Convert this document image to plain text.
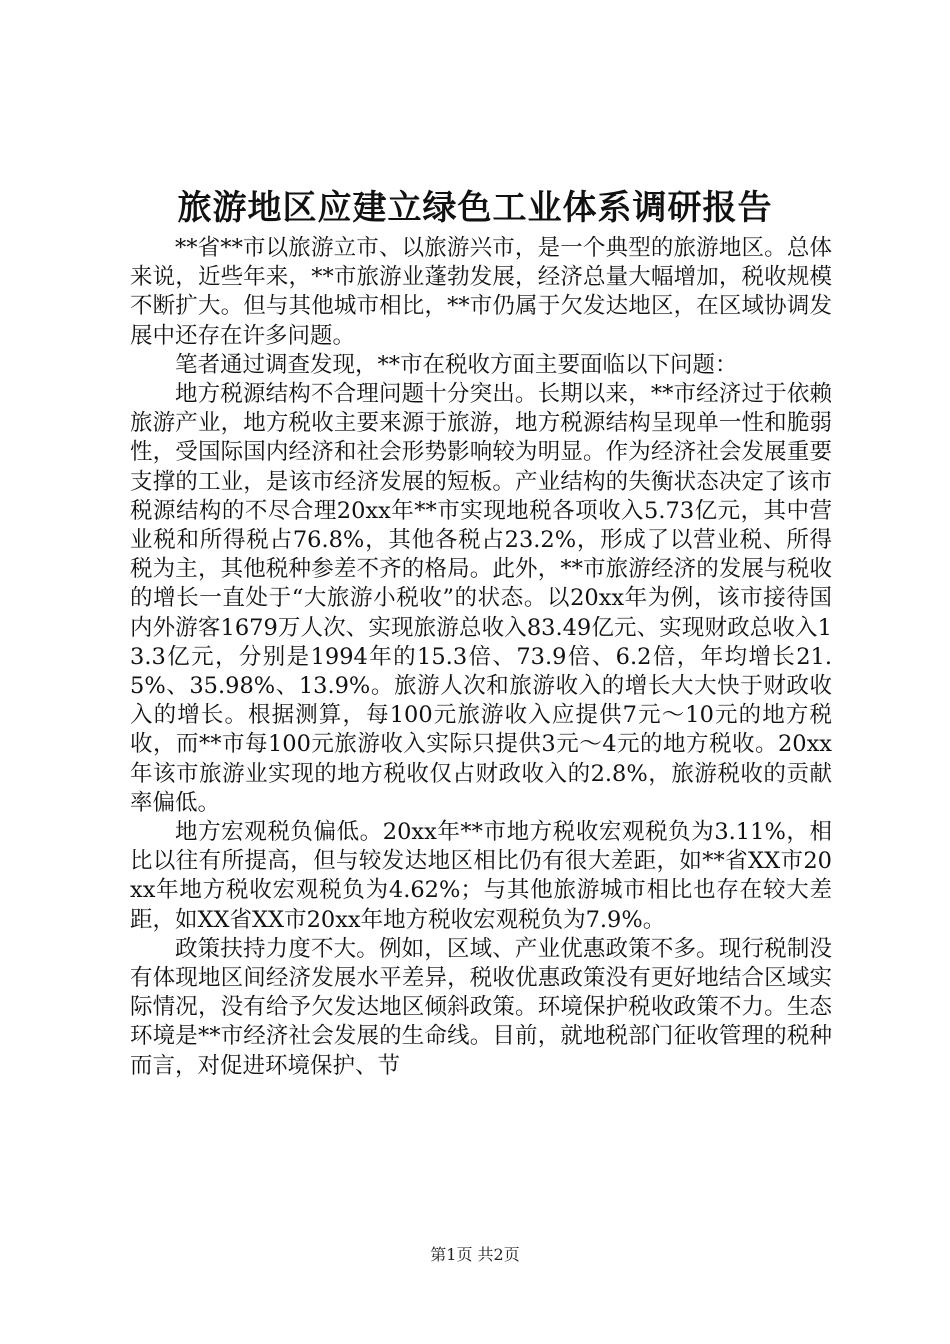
旅游地区应建立绿色工业体系调研报告

**省**市以旅游立市、以旅游兴市，是一个典型的旅游地区。总体来说，近些年来，**市旅游业蓬勃发展，经济总量大幅增加，税收规模不断扩大。但与其他城市相比，**市仍属于欠发达地区，在区域协调发展中还存在许多问题。

笔者通过调查发现，**市在税收方面主要面临以下问题：

地方税源结构不合理问题十分突出。长期以来，**市经济过于依赖旅游产业，地方税收主要来源于旅游，地方税源结构呈现单一性和脆弱性，受国际国内经济和社会形势影响较为明显。作为经济社会发展重要支撑的工业，是该市经济发展的短板。产业结构的失衡状态决定了该市税源结构的不尽合理20xx年**市实现地税各项收入5.73亿元，其中营业税和所得税占76.8%，其他各税占23.2%，形成了以营业税、所得税为主，其他税种参差不齐的格局。此外，**市旅游经济的发展与税收的增长一直处于“大旅游小税收”的状态。以20xx年为例，该市接待国内外游客1679万人次、实现旅游总收入83.49亿元、实现财政总收入13.3亿元，分别是1994年的15.3倍、73.9倍、6.2倍，年均增长21.5%、35.98%、13.9%。旅游人次和旅游收入的增长大大快于财政收入的增长。根据测算，每100元旅游收入应提供7元～10元的地方税收，而**市每100元旅游收入实际只提供3元～4元的地方税收。20xx年该市旅游业实现的地方税收仅占财政收入的2.8%，旅游税收的贡献率偏低。

地方宏观税负偏低。20xx年**市地方税收宏观税负为3.11%，相比以往有所提高，但与较发达地区相比仍有很大差距，如**省XX市20xx年地方税收宏观税负为4.62%；与其他旅游城市相比也存在较大差距，如XX省XX市20xx年地方税收宏观税负为7.9%。

政策扶持力度不大。例如，区域、产业优惠政策不多。现行税制没有体现地区间经济发展水平差异，税收优惠政策没有更好地结合区域实际情况，没有给予欠发达地区倾斜政策。环境保护税收政策不力。生态环境是**市经济社会发展的生命线。目前，就地税部门征收管理的税种而言，对促进环境保护、节

第1页 共2页
